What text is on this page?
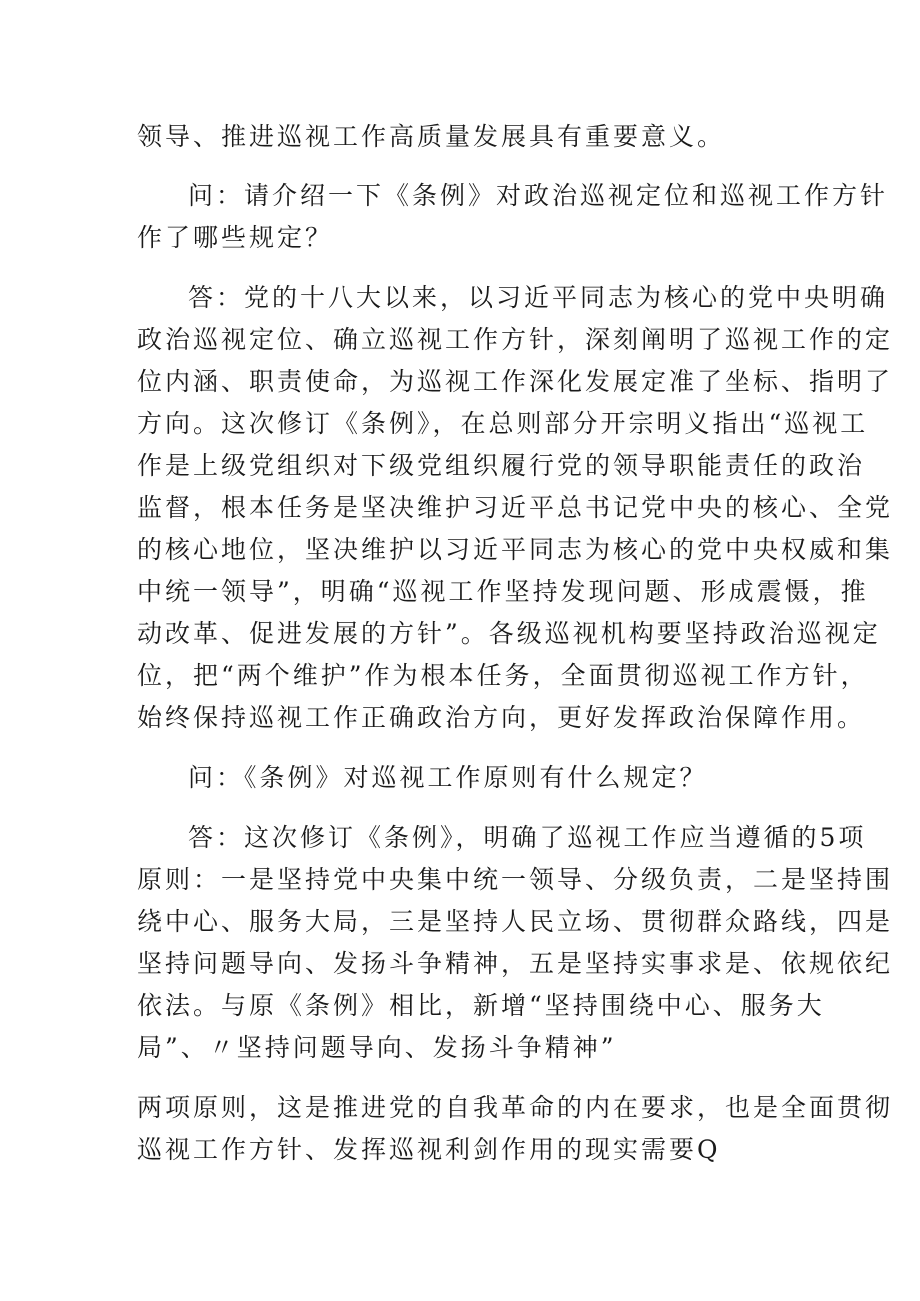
领导、推进巡视工作高质量发展具有重要意义。
问：请介绍一下《条例》对政治巡视定位和巡视工作方针
作了哪些规定？
答：党的十八大以来，以习近平同志为核心的党中央明确
政治巡视定位、确立巡视工作方针，深刻阐明了巡视工作的定
位内涵、职责使命，为巡视工作深化发展定准了坐标、指明了
方向。这次修订《条例》，在总则部分开宗明义指出“巡视工
作是上级党组织对下级党组织履行党的领导职能责任的政治
监督，根本任务是坚决维护习近平总书记党中央的核心、全党
的核心地位，坚决维护以习近平同志为核心的党中央权威和集
中统一领导”，明确“巡视工作坚持发现问题、形成震慑，推
动改革、促进发展的方针”。各级巡视机构要坚持政治巡视定
位，把“两个维护”作为根本任务，全面贯彻巡视工作方针，
始终保持巡视工作正确政治方向，更好发挥政治保障作用。
问：《条例》对巡视工作原则有什么规定？
答：这次修订《条例》，明确了巡视工作应当遵循的5项
原则：一是坚持党中央集中统一领导、分级负责，二是坚持围
绕中心、服务大局，三是坚持人民立场、贯彻群众路线，四是
坚持问题导向、发扬斗争精神，五是坚持实事求是、依规依纪
依法。与原《条例》相比，新增“坚持围绕中心、服务大
局”、〃坚持问题导向、发扬斗争精神”
两项原则，这是推进党的自我革命的内在要求，也是全面贯彻
巡视工作方针、发挥巡视利剑作用的现实需要Q
